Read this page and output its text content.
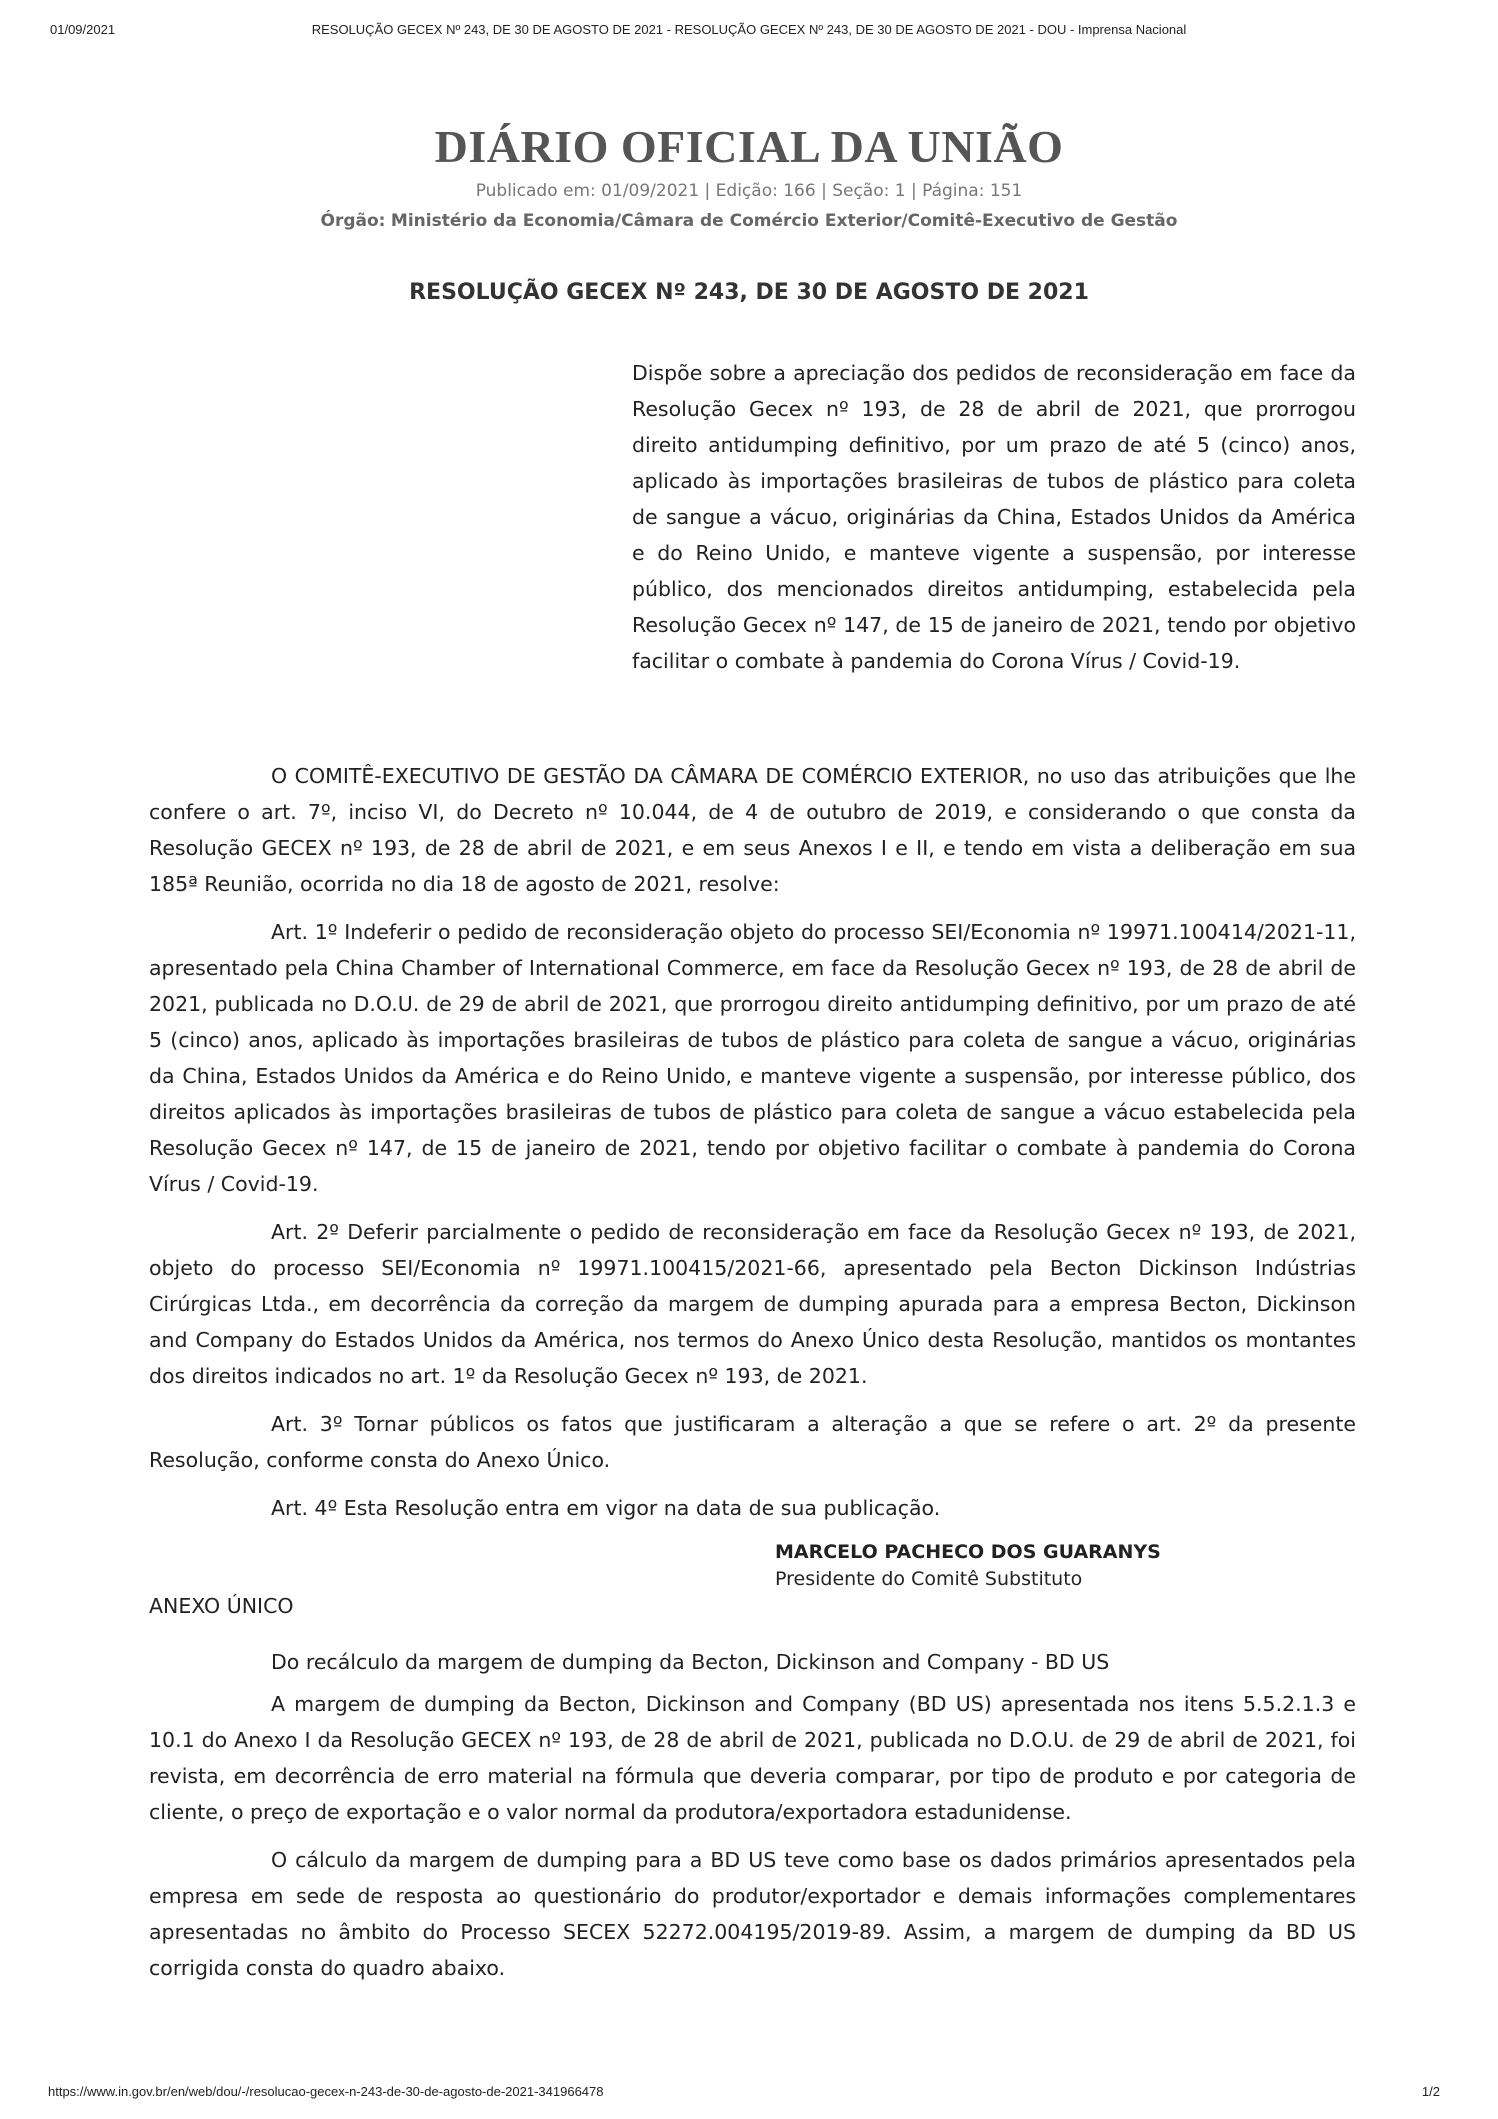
01/09/2021	RESOLUÇÃO GECEX Nº 243, DE 30 DE AGOSTO DE 2021 - RESOLUÇÃO GECEX Nº 243, DE 30 DE AGOSTO DE 2021 - DOU - Imprensa Nacional
DIÁRIO OFICIAL DA UNIÃO
Publicado em: 01/09/2021 | Edição: 166 | Seção: 1 | Página: 151
Órgão: Ministério da Economia/Câmara de Comércio Exterior/Comitê-Executivo de Gestão
RESOLUÇÃO GECEX Nº 243, DE 30 DE AGOSTO DE 2021
Dispõe sobre a apreciação dos pedidos de reconsideração em face da Resolução Gecex nº 193, de 28 de abril de 2021, que prorrogou direito antidumping definitivo, por um prazo de até 5 (cinco) anos, aplicado às importações brasileiras de tubos de plástico para coleta de sangue a vácuo, originárias da China, Estados Unidos da América e do Reino Unido, e manteve vigente a suspensão, por interesse público, dos mencionados direitos antidumping, estabelecida pela Resolução Gecex nº 147, de 15 de janeiro de 2021, tendo por objetivo facilitar o combate à pandemia do Corona Vírus / Covid-19.

O COMITÊ-EXECUTIVO DE GESTÃO DA CÂMARA DE COMÉRCIO EXTERIOR, no uso das atribuições que lhe confere o art. 7º, inciso VI, do Decreto nº 10.044, de 4 de outubro de 2019, e considerando o que consta da Resolução GECEX nº 193, de 28 de abril de 2021, e em seus Anexos I e II, e tendo em vista a deliberação em sua 185ª Reunião, ocorrida no dia 18 de agosto de 2021, resolve:

Art. 1º Indeferir o pedido de reconsideração objeto do processo SEI/Economia nº 19971.100414/2021-11, apresentado pela China Chamber of International Commerce, em face da Resolução Gecex nº 193, de 28 de abril de 2021, publicada no D.O.U. de 29 de abril de 2021, que prorrogou direito antidumping definitivo, por um prazo de até 5 (cinco) anos, aplicado às importações brasileiras de tubos de plástico para coleta de sangue a vácuo, originárias da China, Estados Unidos da América e do Reino Unido, e manteve vigente a suspensão, por interesse público, dos direitos aplicados às importações brasileiras de tubos de plástico para coleta de sangue a vácuo estabelecida pela Resolução Gecex nº 147, de 15 de janeiro de 2021, tendo por objetivo facilitar o combate à pandemia do Corona Vírus / Covid-19.

Art. 2º Deferir parcialmente o pedido de reconsideração em face da Resolução Gecex nº 193, de 2021, objeto do processo SEI/Economia nº 19971.100415/2021-66, apresentado pela Becton Dickinson Indústrias Cirúrgicas Ltda., em decorrência da correção da margem de dumping apurada para a empresa Becton, Dickinson and Company do Estados Unidos da América, nos termos do Anexo Único desta Resolução, mantidos os montantes dos direitos indicados no art. 1º da Resolução Gecex nº 193, de 2021.

Art. 3º Tornar públicos os fatos que justificaram a alteração a que se refere o art. 2º da presente Resolução, conforme consta do Anexo Único.

Art. 4º Esta Resolução entra em vigor na data de sua publicação.

MARCELO PACHECO DOS GUARANYS
Presidente do Comitê Substituto
ANEXO ÚNICO

Do recálculo da margem de dumping da Becton, Dickinson and Company - BD US

A margem de dumping da Becton, Dickinson and Company (BD US) apresentada nos itens 5.5.2.1.3 e 10.1 do Anexo I da Resolução GECEX nº 193, de 28 de abril de 2021, publicada no D.O.U. de 29 de abril de 2021, foi revista, em decorrência de erro material na fórmula que deveria comparar, por tipo de produto e por categoria de cliente, o preço de exportação e o valor normal da produtora/exportadora estadunidense.

O cálculo da margem de dumping para a BD US teve como base os dados primários apresentados pela empresa em sede de resposta ao questionário do produtor/exportador e demais informações complementares apresentadas no âmbito do Processo SECEX 52272.004195/2019-89. Assim, a margem de dumping da BD US corrigida consta do quadro abaixo.

https://www.in.gov.br/en/web/dou/-/resolucao-gecex-n-243-de-30-de-agosto-de-2021-341966478	1/2
